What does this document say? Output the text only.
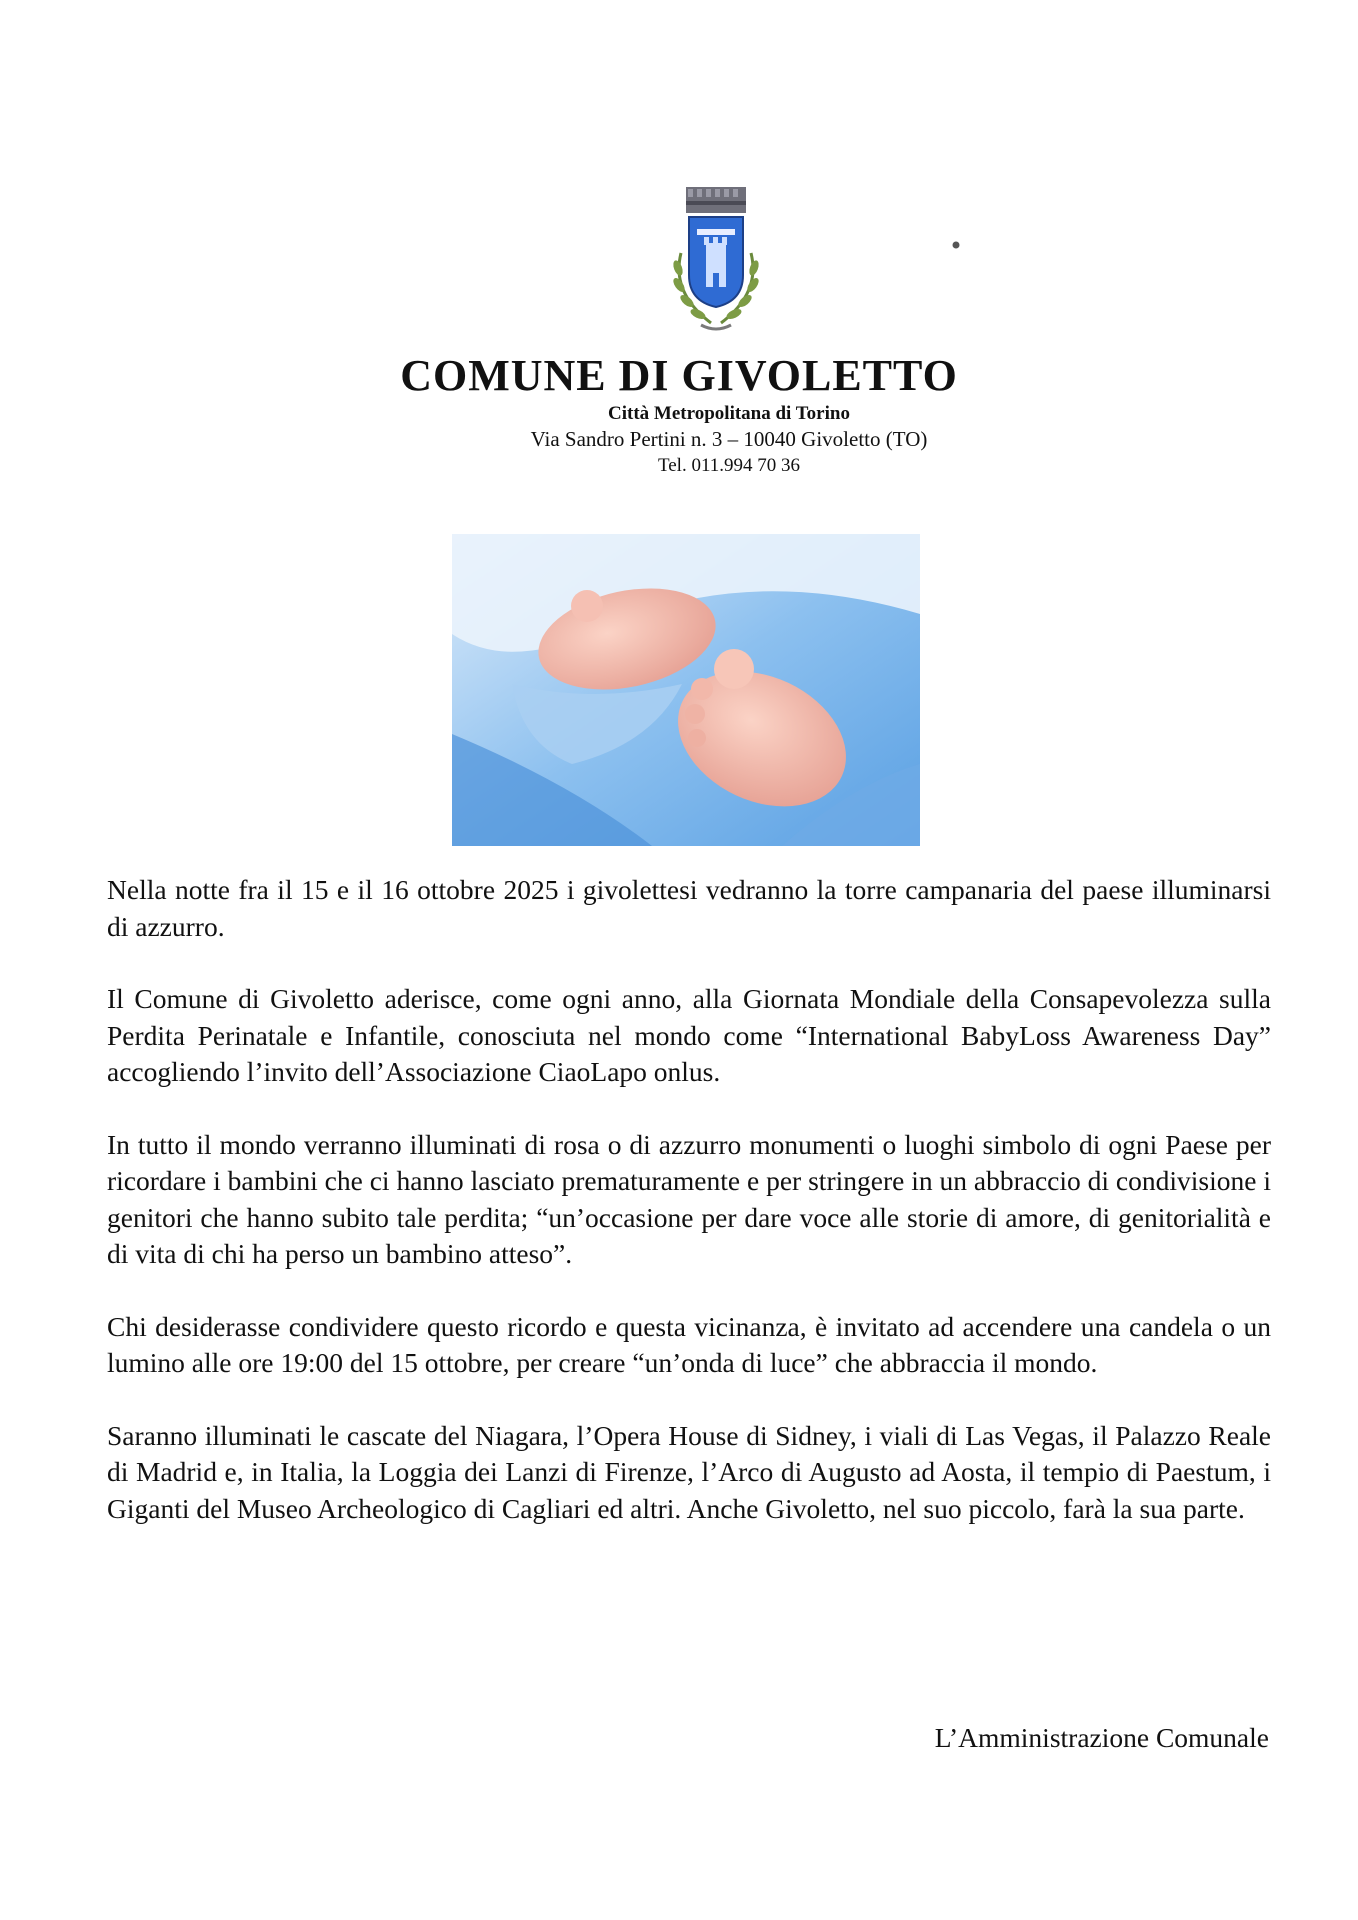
COMUNE DI GIVOLETTO
Città Metropolitana di Torino
Via Sandro Pertini n. 3 – 10040 Givoletto (TO)
Tel. 011.994 70 36

Nella notte fra il 15 e il 16 ottobre 2025 i givolettesi vedranno la torre campanaria del paese illuminarsi di azzurro.

Il Comune di Givoletto aderisce, come ogni anno, alla Giornata Mondiale della Consapevolezza sulla Perdita Perinatale e Infantile, conosciuta nel mondo come “International BabyLoss Awareness Day” accogliendo l’invito dell’Associazione CiaoLapo onlus.

In tutto il mondo verranno illuminati di rosa o di azzurro monumenti o luoghi simbolo di ogni Paese per ricordare i bambini che ci hanno lasciato prematuramente e per stringere in un abbraccio di condivisione i genitori che hanno subito tale perdita; “un’occasione per dare voce alle storie di amore, di genitorialità e di vita di chi ha perso un bambino atteso”.

Chi desiderasse condividere questo ricordo e questa vicinanza, è invitato ad accendere una candela o un lumino alle ore 19:00 del 15 ottobre, per creare “un’onda di luce” che abbraccia il mondo.

Saranno illuminati le cascate del Niagara, l’Opera House di Sidney, i viali di Las Vegas, il Palazzo Reale di Madrid e, in Italia, la Loggia dei Lanzi di Firenze, l’Arco di Augusto ad Aosta, il tempio di Paestum, i Giganti del Museo Archeologico di Cagliari ed altri. Anche Givoletto, nel suo piccolo, farà la sua parte.

L’Amministrazione Comunale
